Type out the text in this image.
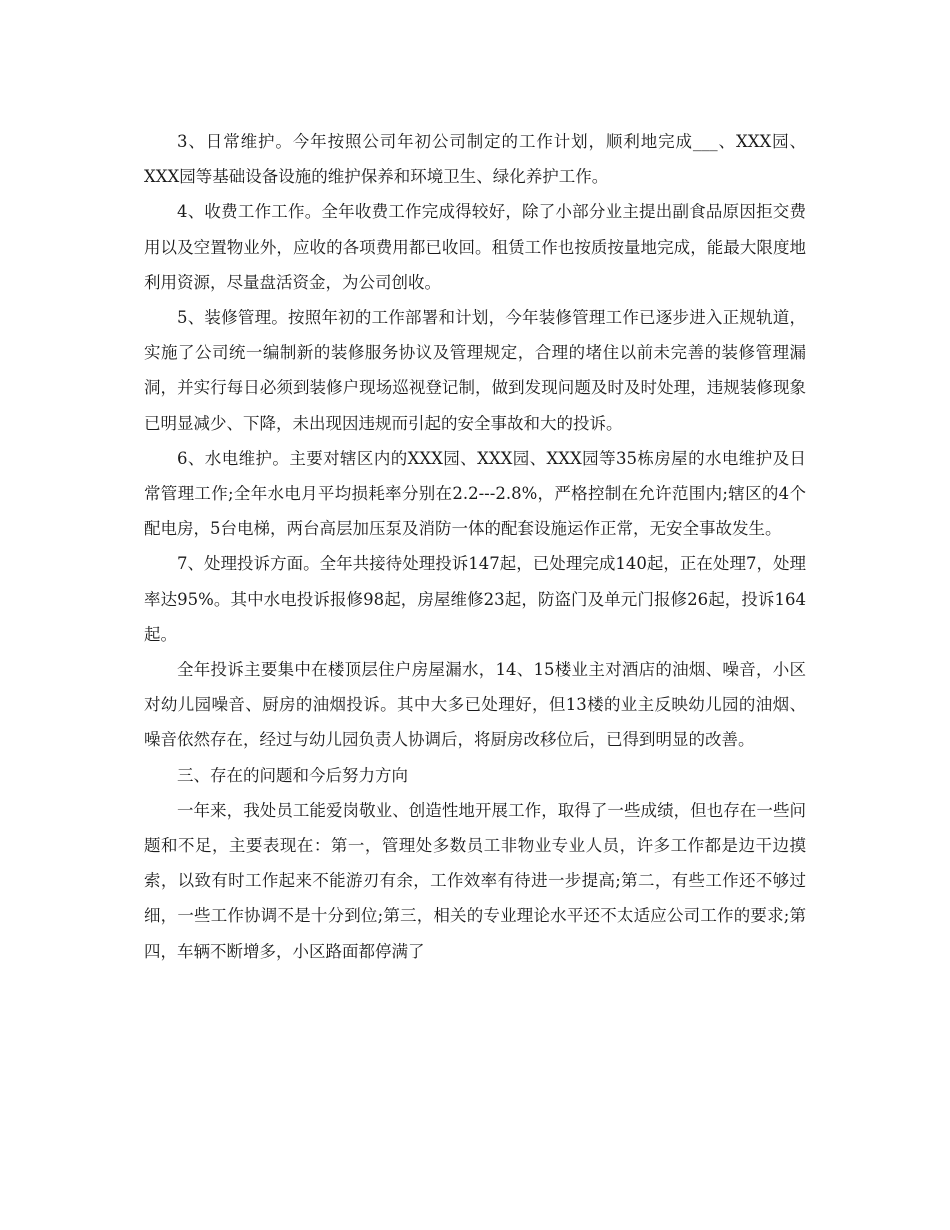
3、日常维护。今年按照公司年初公司制定的工作计划，顺利地完成___、XXX园、XXX园等基础设备设施的维护保养和环境卫生、绿化养护工作。

4、收费工作工作。全年收费工作完成得较好，除了小部分业主提出副食品原因拒交费用以及空置物业外，应收的各项费用都已收回。租赁工作也按质按量地完成，能最大限度地利用资源，尽量盘活资金，为公司创收。

5、装修管理。按照年初的工作部署和计划，今年装修管理工作已逐步进入正规轨道，实施了公司统一编制新的装修服务协议及管理规定，合理的堵住以前未完善的装修管理漏洞，并实行每日必须到装修户现场巡视登记制，做到发现问题及时及时处理，违规装修现象已明显减少、下降，未出现因违规而引起的安全事故和大的投诉。

6、水电维护。主要对辖区内的XXX园、XXX园、XXX园等35栋房屋的水电维护及日常管理工作;全年水电月平均损耗率分别在2.2---2.8%，严格控制在允许范围内;辖区的4个配电房，5台电梯，两台高层加压泵及消防一体的配套设施运作正常，无安全事故发生。

7、处理投诉方面。全年共接待处理投诉147起，已处理完成140起，正在处理7，处理率达95%。其中水电投诉报修98起，房屋维修23起，防盗门及单元门报修26起，投诉164起。

全年投诉主要集中在楼顶层住户房屋漏水，14、15楼业主对酒店的油烟、噪音，小区对幼儿园噪音、厨房的油烟投诉。其中大多已处理好，但13楼的业主反映幼儿园的油烟、噪音依然存在，经过与幼儿园负责人协调后，将厨房改移位后，已得到明显的改善。

三、存在的问题和今后努力方向

一年来，我处员工能爱岗敬业、创造性地开展工作，取得了一些成绩，但也存在一些问题和不足，主要表现在：第一，管理处多数员工非物业专业人员，许多工作都是边干边摸索，以致有时工作起来不能游刃有余，工作效率有待进一步提高;第二，有些工作还不够过细，一些工作协调不是十分到位;第三，相关的专业理论水平还不太适应公司工作的要求;第四，车辆不断增多，小区路面都停满了
